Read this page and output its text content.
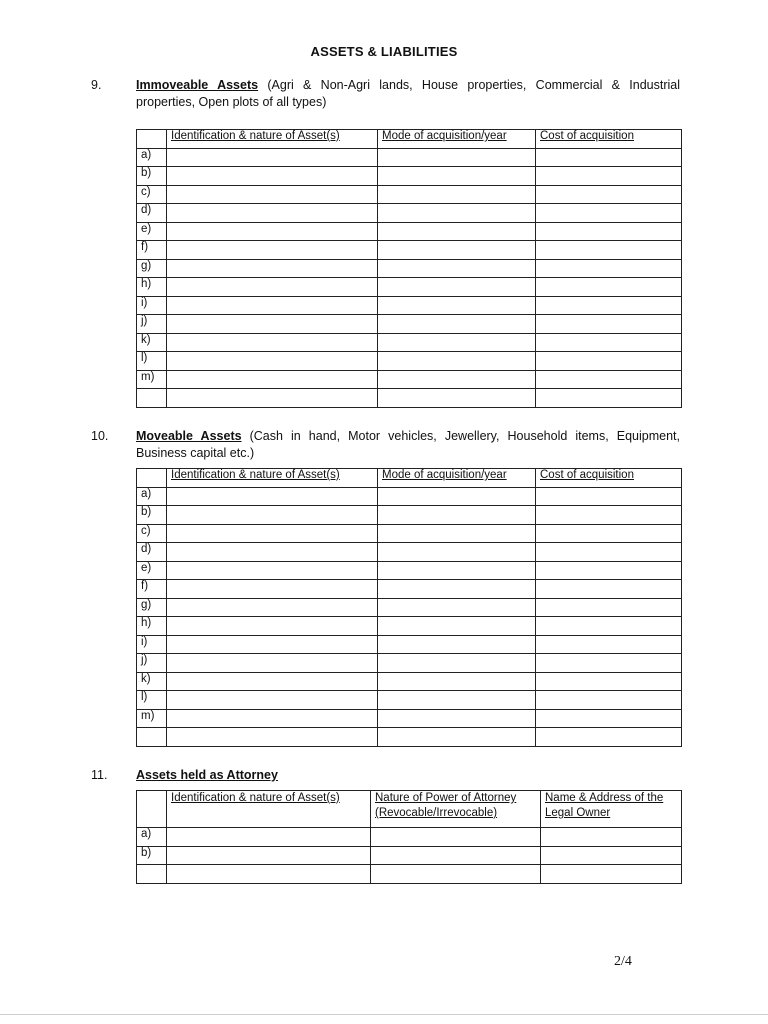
ASSETS & LIABILITIES
9.	Immoveable Assets (Agri & Non-Agri lands, House properties, Commercial & Industrial properties, Open plots of all types)
	Identification & nature of Asset(s)	Mode of acquisition/year	Cost of acquisition
a)			
b)			
c)			
d)			
e)			
f)			
g)			
h)			
i)			
j)			
k)			
l)			
m)			

10. Moveable Assets (Cash in hand, Motor vehicles, Jewellery, Household items, Equipment, Business capital etc.)
	Identification & nature of Asset(s)	Mode of acquisition/year	Cost of acquisition
a)			
b)			
c)			
d)			
e)			
f)			
g)			
h)			
i)			
j)			
k)			
l)			
m)			

11. Assets held as Attorney
	Identification & nature of Asset(s)	Nature of Power of Attorney (Revocable/Irrevocable)	Name & Address of the Legal Owner
a)			
b)			

2/4
